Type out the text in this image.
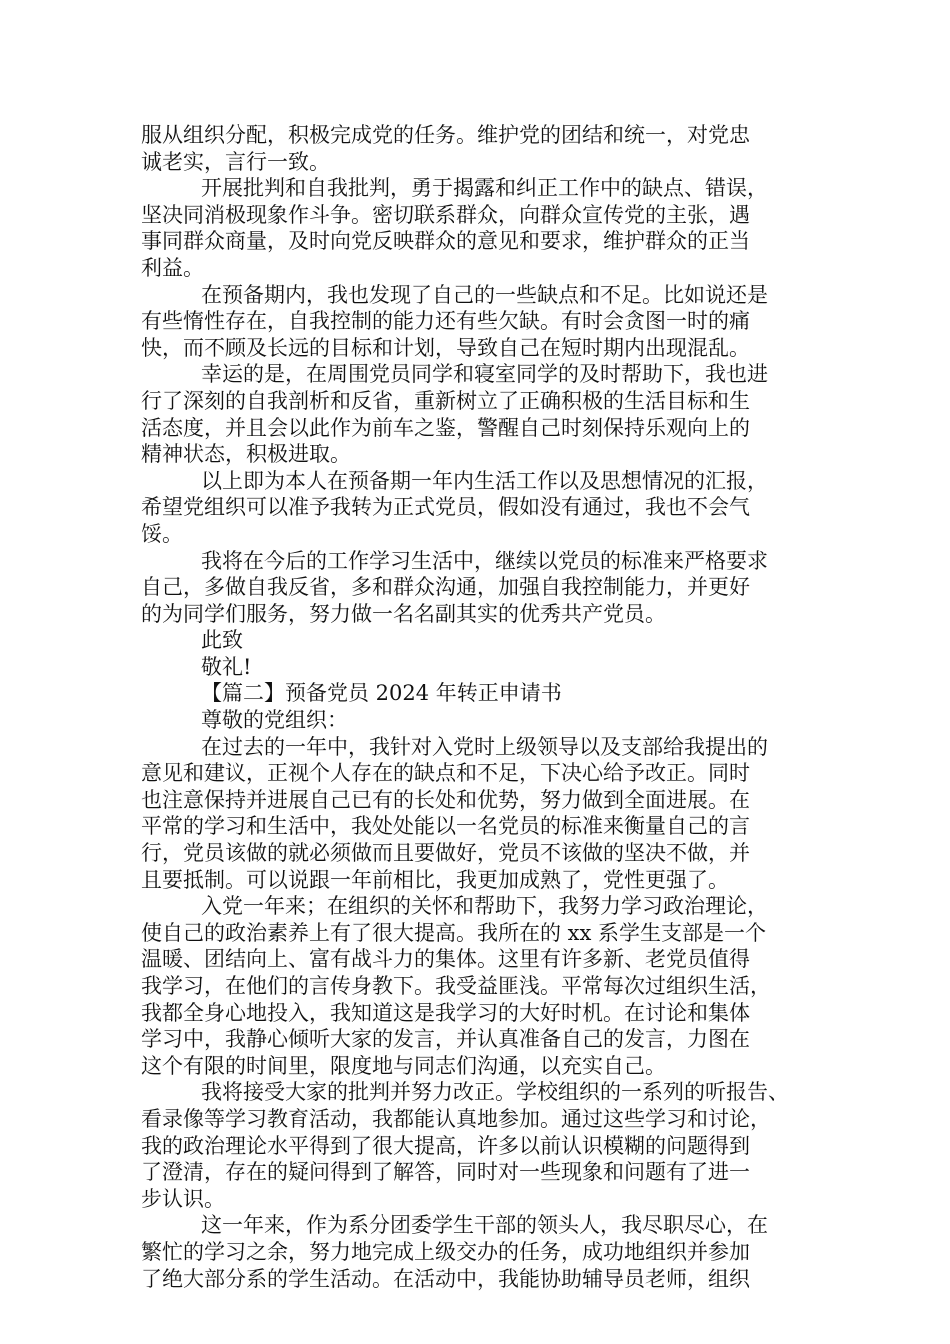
服从组织分配，积极完成党的任务。维护党的团结和统一，对党忠
诚老实，言行一致。
开展批判和自我批判，勇于揭露和纠正工作中的缺点、错误，
坚决同消极现象作斗争。密切联系群众，向群众宣传党的主张，遇
事同群众商量，及时向党反映群众的意见和要求，维护群众的正当
利益。
在预备期内，我也发现了自己的一些缺点和不足。比如说还是
有些惰性存在，自我控制的能力还有些欠缺。有时会贪图一时的痛
快，而不顾及长远的目标和计划，导致自己在短时期内出现混乱。
幸运的是，在周围党员同学和寝室同学的及时帮助下，我也进
行了深刻的自我剖析和反省，重新树立了正确积极的生活目标和生
活态度，并且会以此作为前车之鉴，警醒自己时刻保持乐观向上的
精神状态，积极进取。
以上即为本人在预备期一年内生活工作以及思想情况的汇报，
希望党组织可以准予我转为正式党员，假如没有通过，我也不会气
馁。
我将在今后的工作学习生活中，继续以党员的标准来严格要求
自己，多做自我反省，多和群众沟通，加强自我控制能力，并更好
的为同学们服务，努力做一名名副其实的优秀共产党员。
此致
敬礼!
【篇二】预备党员 2024 年转正申请书
尊敬的党组织：
在过去的一年中，我针对入党时上级领导以及支部给我提出的
意见和建议，正视个人存在的缺点和不足，下决心给予改正。同时
也注意保持并进展自己已有的长处和优势，努力做到全面进展。在
平常的学习和生活中，我处处能以一名党员的标准来衡量自己的言
行，党员该做的就必须做而且要做好，党员不该做的坚决不做，并
且要抵制。可以说跟一年前相比，我更加成熟了，党性更强了。
入党一年来；在组织的关怀和帮助下，我努力学习政治理论，
使自己的政治素养上有了很大提高。我所在的 xx 系学生支部是一个
温暖、团结向上、富有战斗力的集体。这里有许多新、老党员值得
我学习，在他们的言传身教下。我受益匪浅。平常每次过组织生活，
我都全身心地投入，我知道这是我学习的大好时机。在讨论和集体
学习中，我静心倾听大家的发言，并认真准备自己的发言，力图在
这个有限的时间里，限度地与同志们沟通，以充实自己。
我将接受大家的批判并努力改正。学校组织的一系列的听报告、
看录像等学习教育活动，我都能认真地参加。通过这些学习和讨论，
我的政治理论水平得到了很大提高，许多以前认识模糊的问题得到
了澄清，存在的疑问得到了解答，同时对一些现象和问题有了进一
步认识。
这一年来，作为系分团委学生干部的领头人，我尽职尽心，在
繁忙的学习之余，努力地完成上级交办的任务，成功地组织并参加
了绝大部分系的学生活动。在活动中，我能协助辅导员老师，组织
